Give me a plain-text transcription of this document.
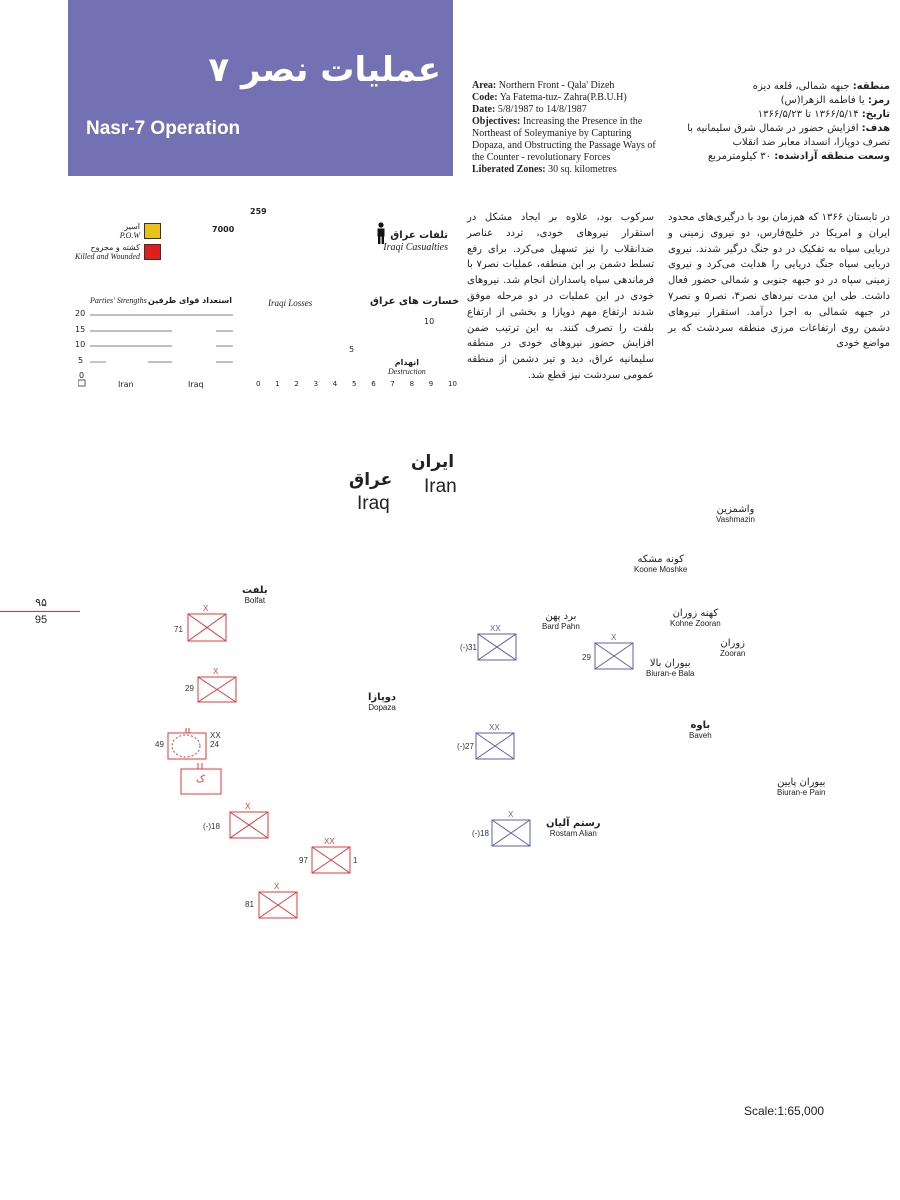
عملیات نصر ۷
Nasr-7 Operation
Area: Northern Front - Qala' Dizeh
Code: Ya Fatema-tuz- Zahra(P.B.U.H)
Date: 5/8/1987 to 14/8/1987
Objectives: Increasing the Presence in the Northeast of Soleymaniye by Capturing Dopaza, and Obstructing the Passage Ways of the Counter - revolutionary Forces
Liberated Zones: 30 sq. kilometres
منطقه: جبهه شمالی، قلعه دیزه
رمز: یا فاطمه الزهرا(س)
تاریخ: ۱۳۶۶/۵/۱۴ تا ۱۳۶۶/۵/۲۳
هدف: افزایش حضور در شمال شرق سلیمانیه با تصرف دوپازا، انسداد معابر ضد انقلاب
وسعت منطقه آزادشده: ۳۰ کیلومترمربع
در تابستان ۱۳۶۶ که هم‌زمان بود با درگیری‌های محدود ایران و امریکا در خلیج‌فارس، دو نیروی زمینی و دریایی سپاه به تفکیک در دو جنگ درگیر شدند. نیروی دریایی سپاه جنگ دریایی را هدایت می‌کرد و نیروی زمینی سپاه در دو جبهه جنوبی و شمالی حضور فعال داشت. طی این مدت نبردهای نصر۴، نصر۵ و نصر۷ در جبهه شمالی به اجرا درآمد. استقرار نیروهای دشمن روی ارتفاعات مرزی منطقه سردشت که بر مواضع خودی
سرکوب بود، علاوه بر ایجاد مشکل در استقرار نیروهای خودی، تردد عناصر ضدانقلاب را نیز تسهیل می‌کرد. برای رفع تسلط دشمن بر این منطقه، عملیات نصر۷ با فرماندهی سپاه پاسداران انجام شد. نیروهای خودی در این عملیات در دو مرحله موفق شدند ارتفاع مهم دوپازا و بخشی از ارتفاع بلفت را تصرف کنند. به این ترتیب ضمن افزایش حضور نیروهای خودی در منطقه سلیمانیه عراق، دید و تیر دشمن از منطقه عمومی سردشت نیز قطع شد.
259
7000
اسیر
P.O.W
کشته و مجروح
Killed and Wounded
تلفات عراق
Iraqi Casualties
Parties' Strengths استعداد قوای طرفین
20
15
10
5
0
Iran	Iraq
Iraqi Losses	خسارت های عراق
10
5
انهدام
Destruction
0 1 2 3 4 5 6 7 8 9 10
ایران
Iran
عراق
Iraq	واشمزین
Vashmazin
کونه مشکه
Koone Moshke
برد پهن
Bard Pahn
کهنه زوران
Kohne Zooran
زوران
Zooran
بیوران بالا
Biuran-e Bala
باوه
Baveh
بیوران پایین
Biuran-e Pain
رستم آلیان
Rostam Alian
دوپازا
Dopaza
بلفت
Bolfat
X
71
X
29
XX
49	24
ک
X
(-)18
XX
97	1
X
81
XX
(-)31
X
29
XX
(-)27
X
(-)18
۹۵
95
Scale:1:65,000
